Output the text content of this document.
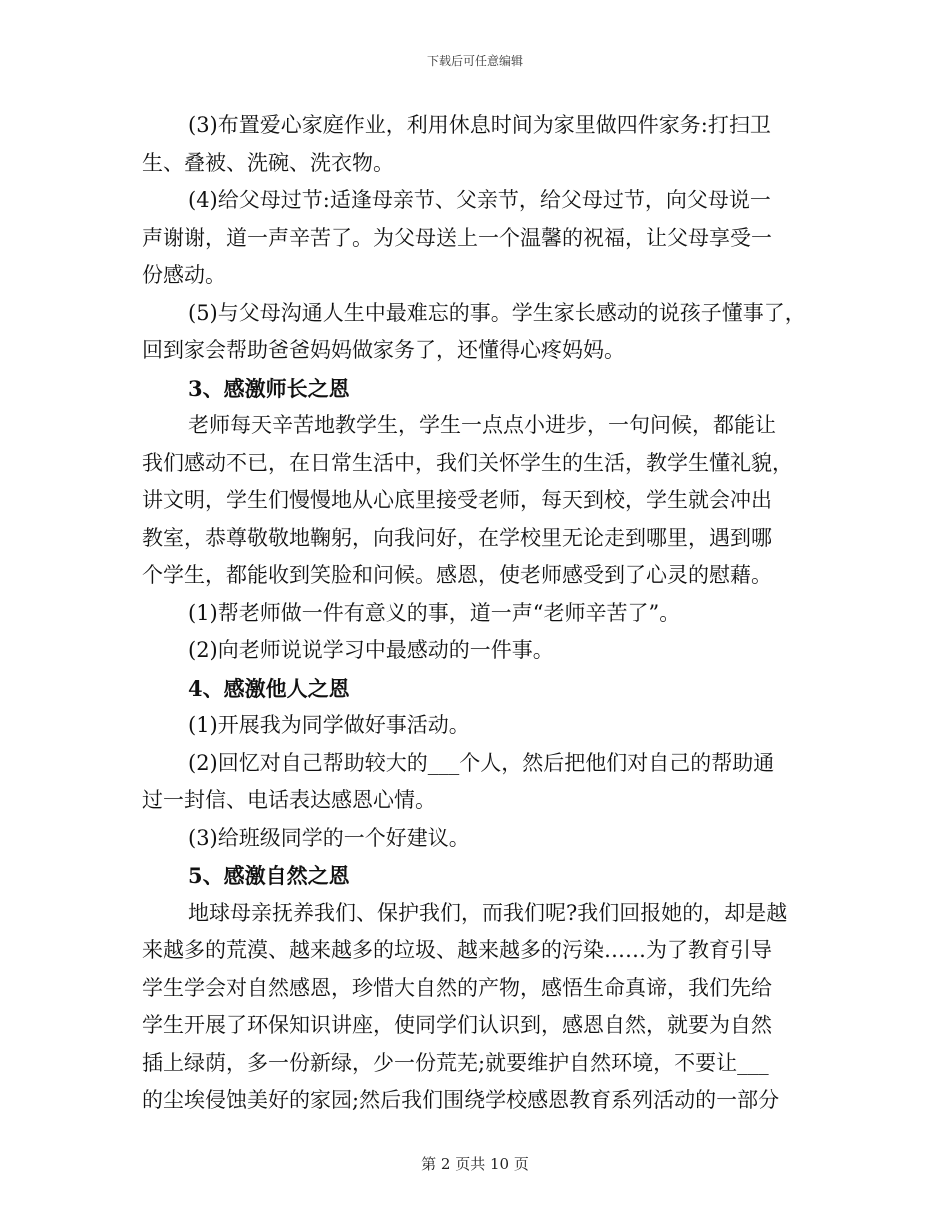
下载后可任意编辑

(3)布置爱心家庭作业，利用休息时间为家里做四件家务:打扫卫
生、叠被、洗碗、洗衣物。

(4)给父母过节:适逢母亲节、父亲节，给父母过节，向父母说一
声谢谢，道一声辛苦了。为父母送上一个温馨的祝福，让父母享受一
份感动。

(5)与父母沟通人生中最难忘的事。学生家长感动的说孩子懂事了，
回到家会帮助爸爸妈妈做家务了，还懂得心疼妈妈。

3、感激师长之恩

老师每天辛苦地教学生，学生一点点小进步，一句问候，都能让
我们感动不已，在日常生活中，我们关怀学生的生活，教学生懂礼貌，
讲文明，学生们慢慢地从心底里接受老师，每天到校，学生就会冲出
教室，恭尊敬敬地鞠躬，向我问好，在学校里无论走到哪里，遇到哪
个学生，都能收到笑脸和问候。感恩，使老师感受到了心灵的慰藉。

(1)帮老师做一件有意义的事，道一声“老师辛苦了”。

(2)向老师说说学习中最感动的一件事。

4、感激他人之恩

(1)开展我为同学做好事活动。

(2)回忆对自己帮助较大的___个人，然后把他们对自己的帮助通
过一封信、电话表达感恩心情。

(3)给班级同学的一个好建议。

5、感激自然之恩

地球母亲抚养我们、保护我们，而我们呢?我们回报她的，却是越
来越多的荒漠、越来越多的垃圾、越来越多的污染……为了教育引导
学生学会对自然感恩，珍惜大自然的产物，感悟生命真谛，我们先给
学生开展了环保知识讲座，使同学们认识到，感恩自然，就要为自然
插上绿荫，多一份新绿，少一份荒芜;就要维护自然环境，不要让___
的尘埃侵蚀美好的家园;然后我们围绕学校感恩教育系列活动的一部分

第 2 页共 10 页
